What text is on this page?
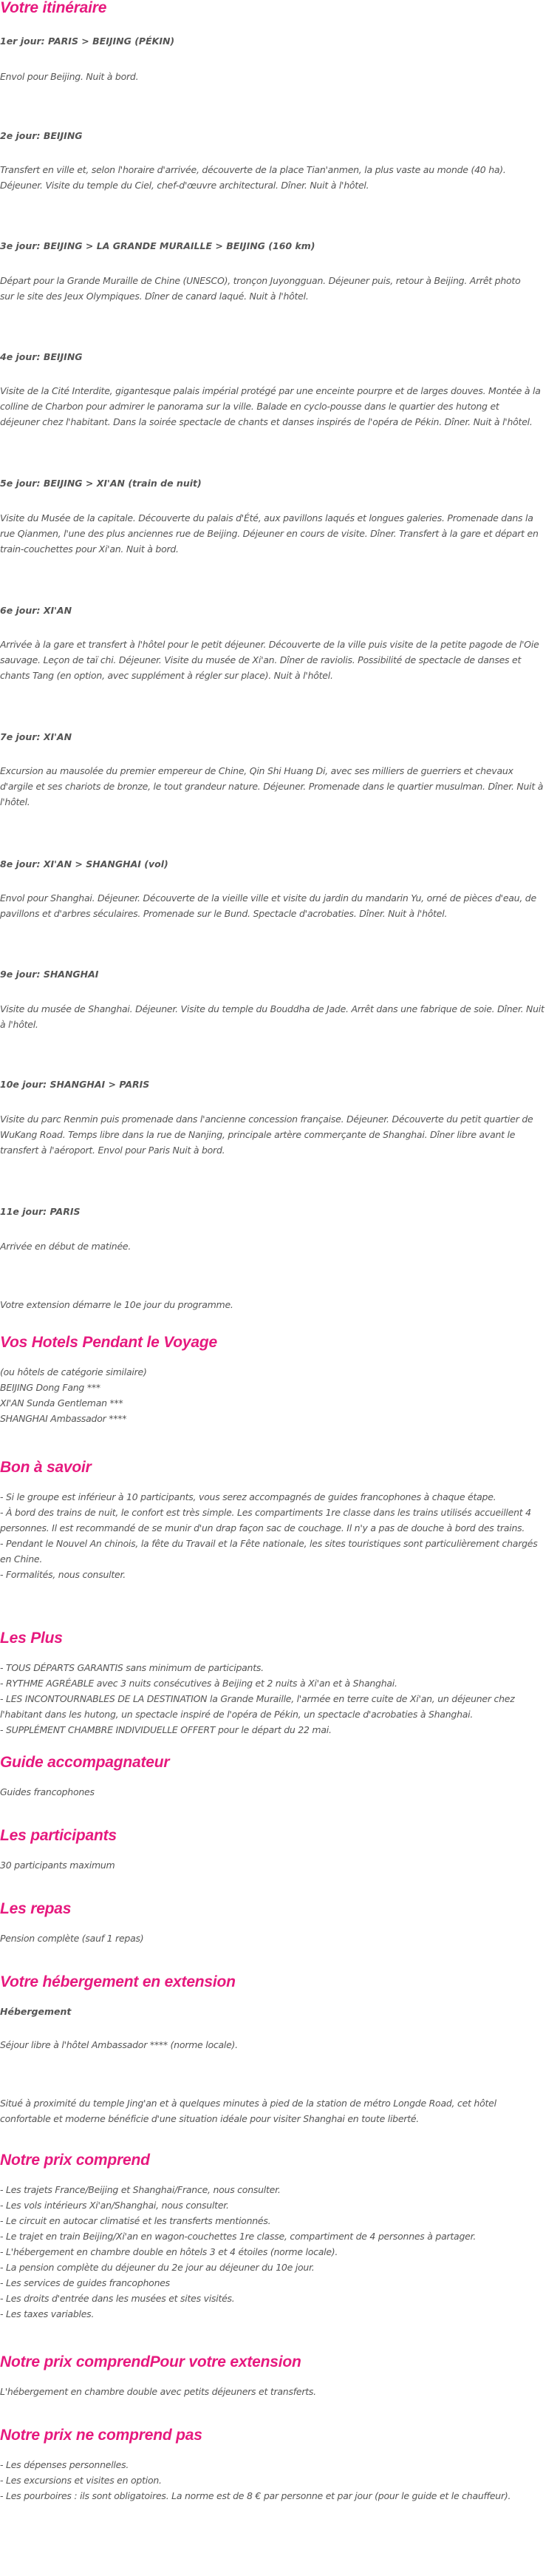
Votre itinéraire
1er jour: PARIS > BEIJING (PÉKIN)

Envol pour Beijing. Nuit à bord.

2e jour: BEIJING

Transfert en ville et, selon l'horaire d'arrivée, découverte de la place Tian'anmen, la plus vaste au monde (40 ha).
Déjeuner. Visite du temple du Ciel, chef-d'œuvre architectural. Dîner. Nuit à l'hôtel.

3e jour: BEIJING > LA GRANDE MURAILLE > BEIJING (160 km)

Départ pour la Grande Muraille de Chine (UNESCO), tronçon Juyongguan. Déjeuner puis, retour à Beijing. Arrêt photo
sur le site des Jeux Olympiques. Dîner de canard laqué. Nuit à l'hôtel.

4e jour: BEIJING

Visite de la Cité Interdite, gigantesque palais impérial protégé par une enceinte pourpre et de larges douves. Montée à la
colline de Charbon pour admirer le panorama sur la ville. Balade en cyclo-pousse dans le quartier des hutong et
déjeuner chez l'habitant. Dans la soirée spectacle de chants et danses inspirés de l'opéra de Pékin. Dîner. Nuit à l'hôtel.

5e jour: BEIJING > XI'AN (train de nuit)

Visite du Musée de la capitale. Découverte du palais d'Été, aux pavillons laqués et longues galeries. Promenade dans la
rue Qianmen, l'une des plus anciennes rue de Beijing. Déjeuner en cours de visite. Dîner. Transfert à la gare et départ en
train-couchettes pour Xi'an. Nuit à bord.

6e jour: XI'AN

Arrivée à la gare et transfert à l'hôtel pour le petit déjeuner. Découverte de la ville puis visite de la petite pagode de l'Oie
sauvage. Leçon de taï chi. Déjeuner. Visite du musée de Xi'an. Dîner de raviolis. Possibilité de spectacle de danses et
chants Tang (en option, avec supplément à régler sur place). Nuit à l'hôtel.

7e jour: XI'AN

Excursion au mausolée du premier empereur de Chine, Qin Shi Huang Di, avec ses milliers de guerriers et chevaux
d'argile et ses chariots de bronze, le tout grandeur nature. Déjeuner. Promenade dans le quartier musulman. Dîner. Nuit à
l'hôtel.

8e jour: XI'AN > SHANGHAI (vol)

Envol pour Shanghai. Déjeuner. Découverte de la vieille ville et visite du jardin du mandarin Yu, orné de pièces d'eau, de
pavillons et d'arbres séculaires. Promenade sur le Bund. Spectacle d'acrobaties. Dîner. Nuit à l'hôtel.

9e jour: SHANGHAI

Visite du musée de Shanghai. Déjeuner. Visite du temple du Bouddha de Jade. Arrêt dans une fabrique de soie. Dîner. Nuit
à l'hôtel.

10e jour: SHANGHAI > PARIS

Visite du parc Renmin puis promenade dans l'ancienne concession française. Déjeuner. Découverte du petit quartier de
WuKang Road. Temps libre dans la rue de Nanjing, principale artère commerçante de Shanghai. Dîner libre avant le
transfert à l'aéroport. Envol pour Paris Nuit à bord.

11e jour: PARIS

Arrivée en début de matinée.

Votre extension démarre le 10e jour du programme.

Vos Hotels Pendant le Voyage

(ou hôtels de catégorie similaire)
BEIJING Dong Fang ***
XI'AN Sunda Gentleman ***
SHANGHAI Ambassador ****

Bon à savoir

- Si le groupe est inférieur à 10 participants, vous serez accompagnés de guides francophones à chaque étape.
- À bord des trains de nuit, le confort est très simple. Les compartiments 1re classe dans les trains utilisés accueillent 4
personnes. Il est recommandé de se munir d'un drap façon sac de couchage. Il n'y a pas de douche à bord des trains.
- Pendant le Nouvel An chinois, la fête du Travail et la Fête nationale, les sites touristiques sont particulièrement chargés
en Chine.
- Formalités, nous consulter.

Les Plus

- TOUS DÉPARTS GARANTIS sans minimum de participants.
- RYTHME AGRÉABLE avec 3 nuits consécutives à Beijing et 2 nuits à Xi'an et à Shanghai.
- LES INCONTOURNABLES DE LA DESTINATION la Grande Muraille, l'armée en terre cuite de Xi'an, un déjeuner chez
l'habitant dans les hutong, un spectacle inspiré de l'opéra de Pékin, un spectacle d'acrobaties à Shanghai.
- SUPPLÉMENT CHAMBRE INDIVIDUELLE OFFERT pour le départ du 22 mai.

Guide accompagnateur

Guides francophones

Les participants

30 participants maximum

Les repas

Pension complète (sauf 1 repas)

Votre hébergement en extension
Hébergement

Séjour libre à l'hôtel Ambassador **** (norme locale).

Situé à proximité du temple Jing'an et à quelques minutes à pied de la station de métro Longde Road, cet hôtel
confortable et moderne bénéficie d'une situation idéale pour visiter Shanghai en toute liberté.

Notre prix comprend

- Les trajets France/Beijing et Shanghai/France, nous consulter.
- Les vols intérieurs Xi'an/Shanghai, nous consulter.
- Le circuit en autocar climatisé et les transferts mentionnés.
- Le trajet en train Beijing/Xi'an en wagon-couchettes 1re classe, compartiment de 4 personnes à partager.
- L'hébergement en chambre double en hôtels 3 et 4 étoiles (norme locale).
- La pension complète du déjeuner du 2e jour au déjeuner du 10e jour.
- Les services de guides francophones
- Les droits d'entrée dans les musées et sites visités.
- Les taxes variables.

Notre prix comprendPour votre extension

L'hébergement en chambre double avec petits déjeuners et transferts.

Notre prix ne comprend pas

- Les dépenses personnelles.
- Les excursions et visites en option.
- Les pourboires : ils sont obligatoires. La norme est de 8 € par personne et par jour (pour le guide et le chauffeur).
